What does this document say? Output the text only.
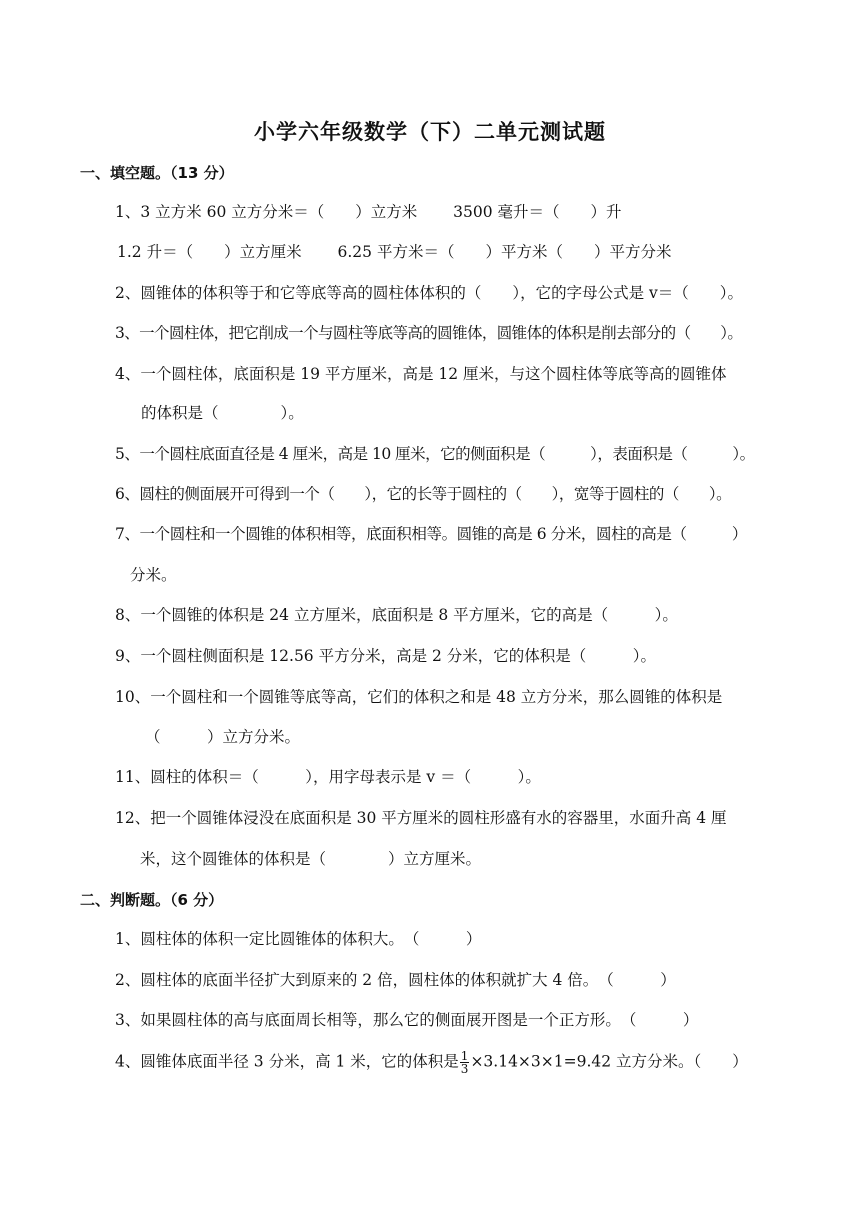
小学六年级数学（下）二单元测试题
一、填空题。（13 分）
1、3 立方米 60 立方分米＝（　　）立方米　　 3500 毫升＝（　　）升
1.2 升＝（　　）立方厘米　　 6.25 平方米＝（　　）平方米（　　）平方分米
2、圆锥体的体积等于和它等底等高的圆柱体体积的（　　），它的字母公式是 v＝（　　）。
3、一个圆柱体，把它削成一个与圆柱等底等高的圆锥体，圆锥体的体积是削去部分的（　　）。
4、一个圆柱体，底面积是 19 平方厘米，高是 12 厘米，与这个圆柱体等底等高的圆锥体
的体积是（　　　　）。
5、一个圆柱底面直径是 4 厘米，高是 10 厘米，它的侧面积是（　　　），表面积是（　　　）。
6、圆柱的侧面展开可得到一个（　　），它的长等于圆柱的（　　），宽等于圆柱的（　　）。
7、一个圆柱和一个圆锥的体积相等，底面积相等。圆锥的高是 6 分米，圆柱的高是（　　　）
分米。
8、一个圆锥的体积是 24 立方厘米，底面积是 8 平方厘米，它的高是（　　　）。
9、一个圆柱侧面积是 12.56 平方分米，高是 2 分米，它的体积是（　　　）。
10、一个圆柱和一个圆锥等底等高，它们的体积之和是 48 立方分米，那么圆锥的体积是
（　　　）立方分米。
11、圆柱的体积＝（　　　），用字母表示是 v ＝（　　　）。
12、把一个圆锥体浸没在底面积是 30 平方厘米的圆柱形盛有水的容器里，水面升高 4 厘
米，这个圆锥体的体积是（　　　　）立方厘米。
二、判断题。（6 分）
1、圆柱体的体积一定比圆锥体的体积大。　（　　　）
2、圆柱体的底面半径扩大到原来的 2 倍，圆柱体的体积就扩大 4 倍。　（　　　）
3、如果圆柱体的高与底面周长相等，那么它的侧面展开图是一个正方形。　（　　　）
4、圆锥体底面半径 3 分米，高 1 米，它的体积是 $\frac{1}{3} \times 3.14\times 3\times 1=9.42$ 立方分米。（　　）
